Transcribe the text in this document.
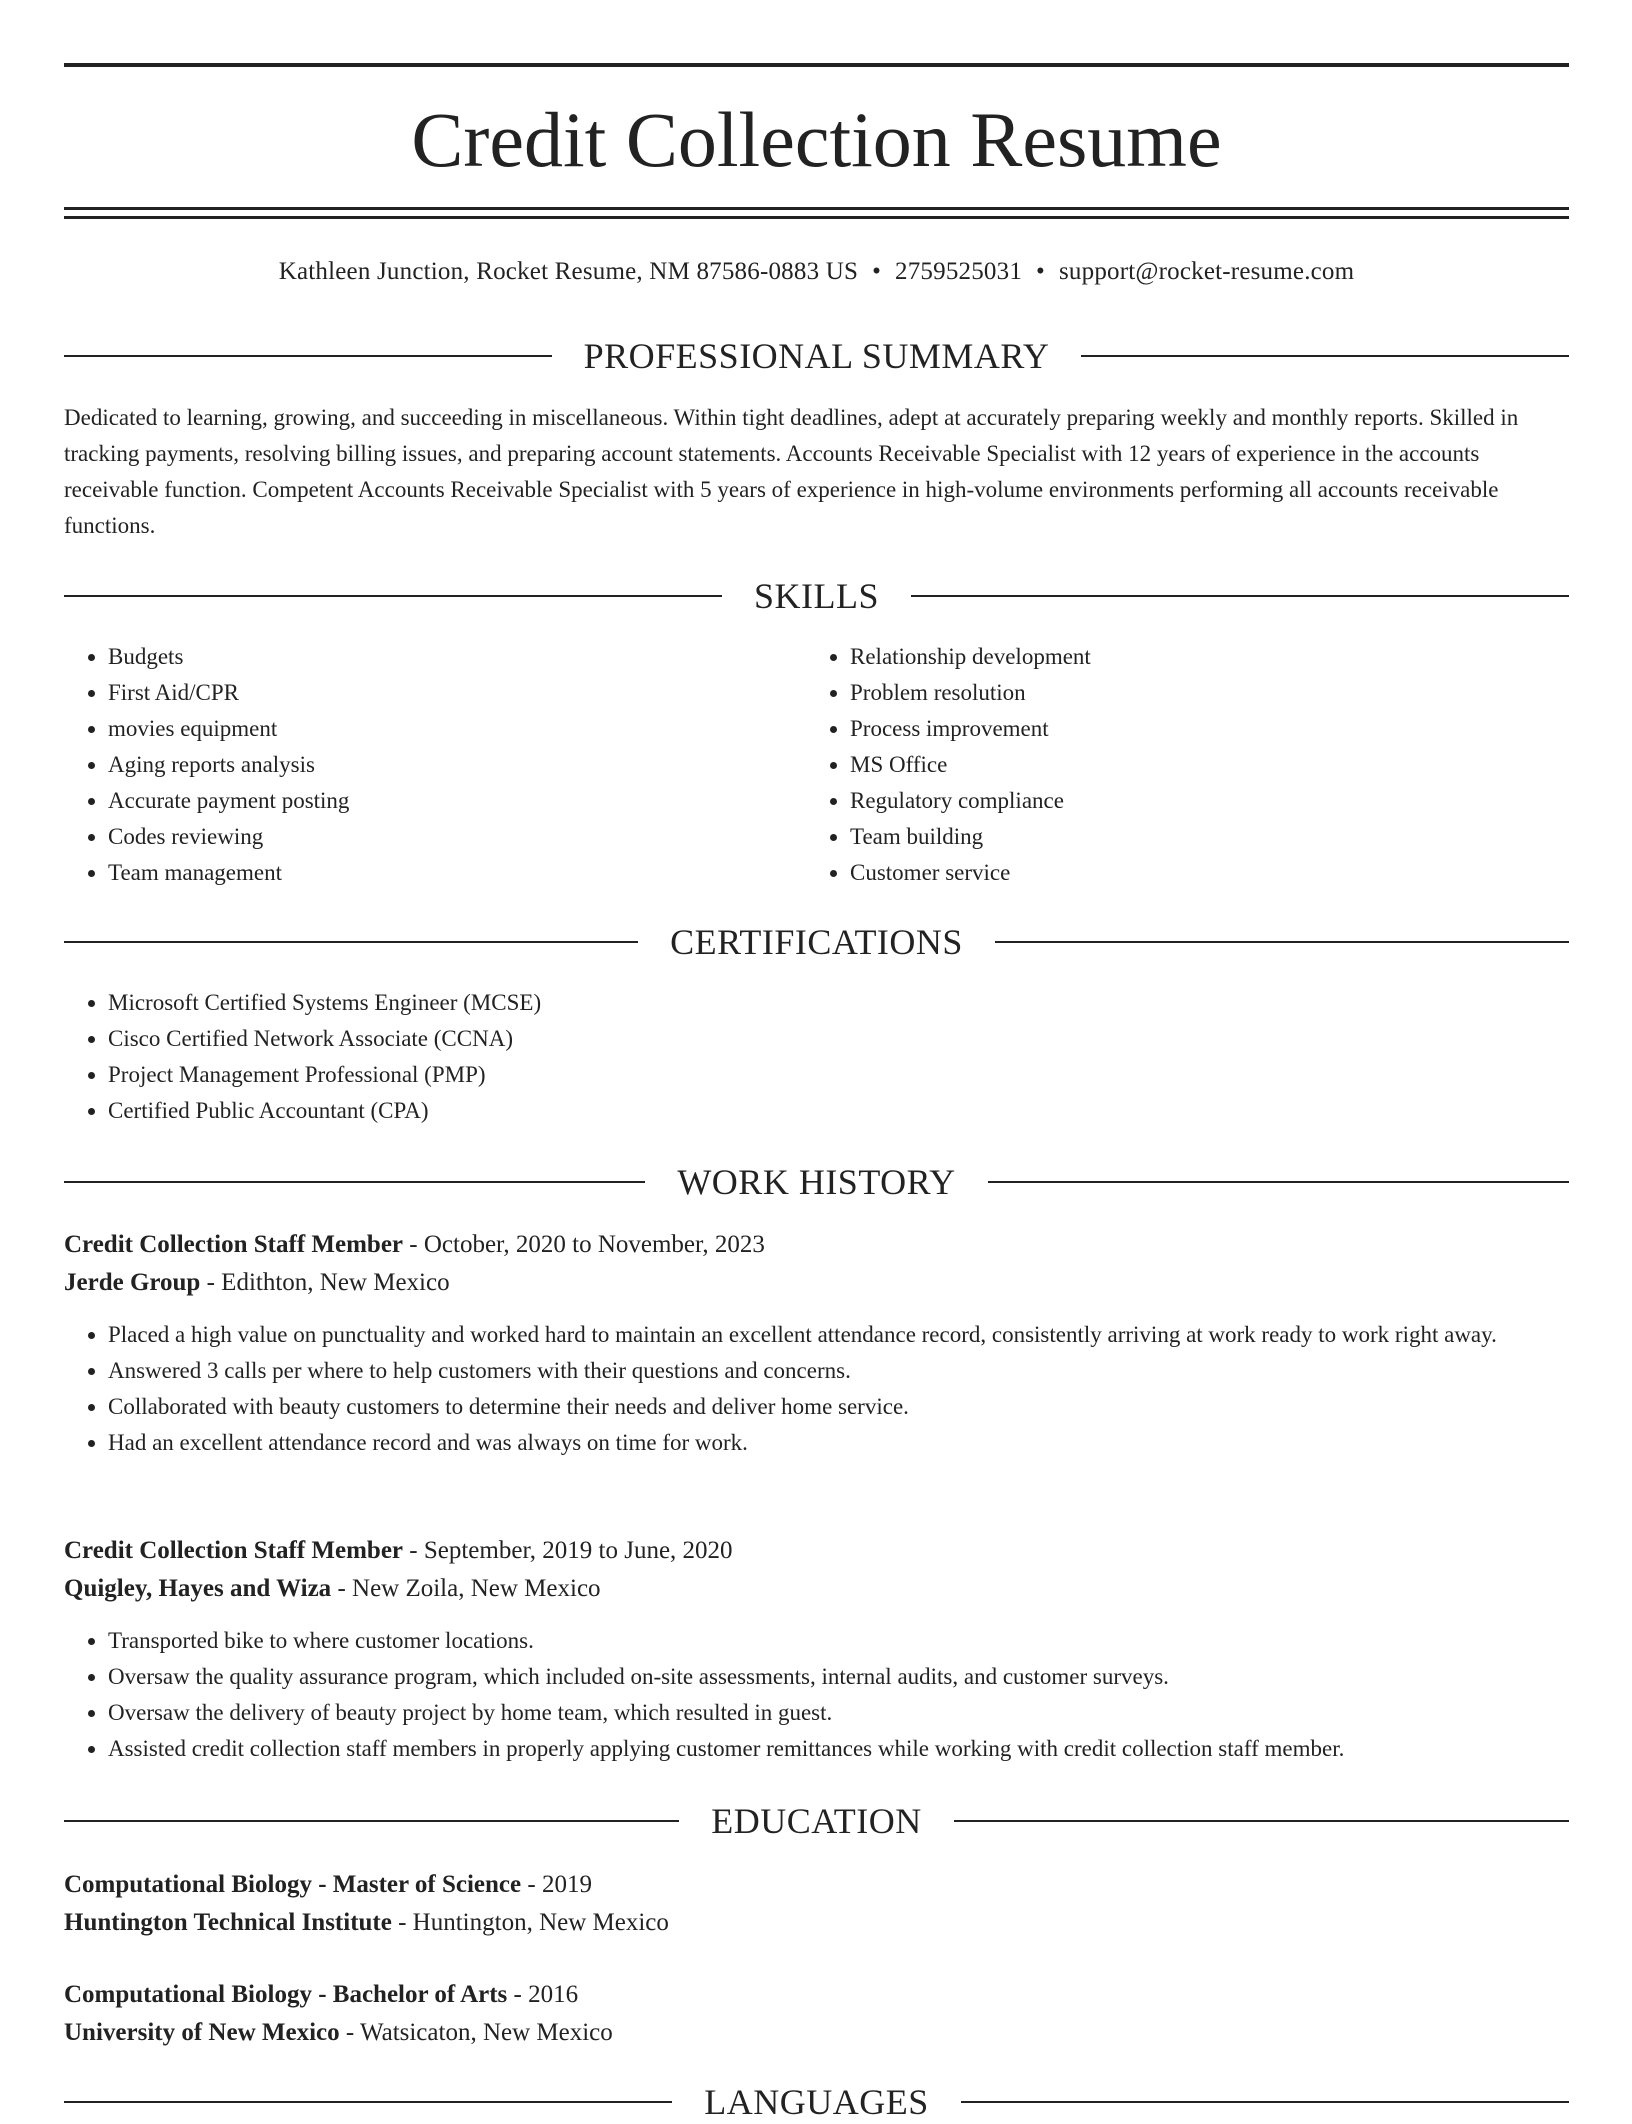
Credit Collection Resume
Kathleen Junction, Rocket Resume, NM 87586-0883 US • 2759525031 • support@rocket-resume.com
PROFESSIONAL SUMMARY

Dedicated to learning, growing, and succeeding in miscellaneous. Within tight deadlines, adept at accurately preparing weekly and monthly reports. Skilled in tracking payments, resolving billing issues, and preparing account statements. Accounts Receivable Specialist with 12 years of experience in the accounts receivable function. Competent Accounts Receivable Specialist with 5 years of experience in high-volume environments performing all accounts receivable functions.

SKILLS
• Budgets
• First Aid/CPR
• movies equipment
• Aging reports analysis
• Accurate payment posting
• Codes reviewing
• Team management
• Relationship development
• Problem resolution
• Process improvement
• MS Office
• Regulatory compliance
• Team building
• Customer service
CERTIFICATIONS
• Microsoft Certified Systems Engineer (MCSE)
• Cisco Certified Network Associate (CCNA)
• Project Management Professional (PMP)
• Certified Public Accountant (CPA)
WORK HISTORY
Credit Collection Staff Member - October, 2020 to November, 2023
Jerde Group - Edithton, New Mexico
• Placed a high value on punctuality and worked hard to maintain an excellent attendance record, consistently arriving at work ready to work right away.
• Answered 3 calls per where to help customers with their questions and concerns.
• Collaborated with beauty customers to determine their needs and deliver home service.
• Had an excellent attendance record and was always on time for work.
Credit Collection Staff Member - September, 2019 to June, 2020
Quigley, Hayes and Wiza - New Zoila, New Mexico
• Transported bike to where customer locations.
• Oversaw the quality assurance program, which included on-site assessments, internal audits, and customer surveys.
• Oversaw the delivery of beauty project by home team, which resulted in guest.
• Assisted credit collection staff members in properly applying customer remittances while working with credit collection staff member.
EDUCATION
Computational Biology - Master of Science - 2019
Huntington Technical Institute - Huntington, New Mexico
Computational Biology - Bachelor of Arts - 2016
University of New Mexico - Watsicaton, New Mexico
LANGUAGES
